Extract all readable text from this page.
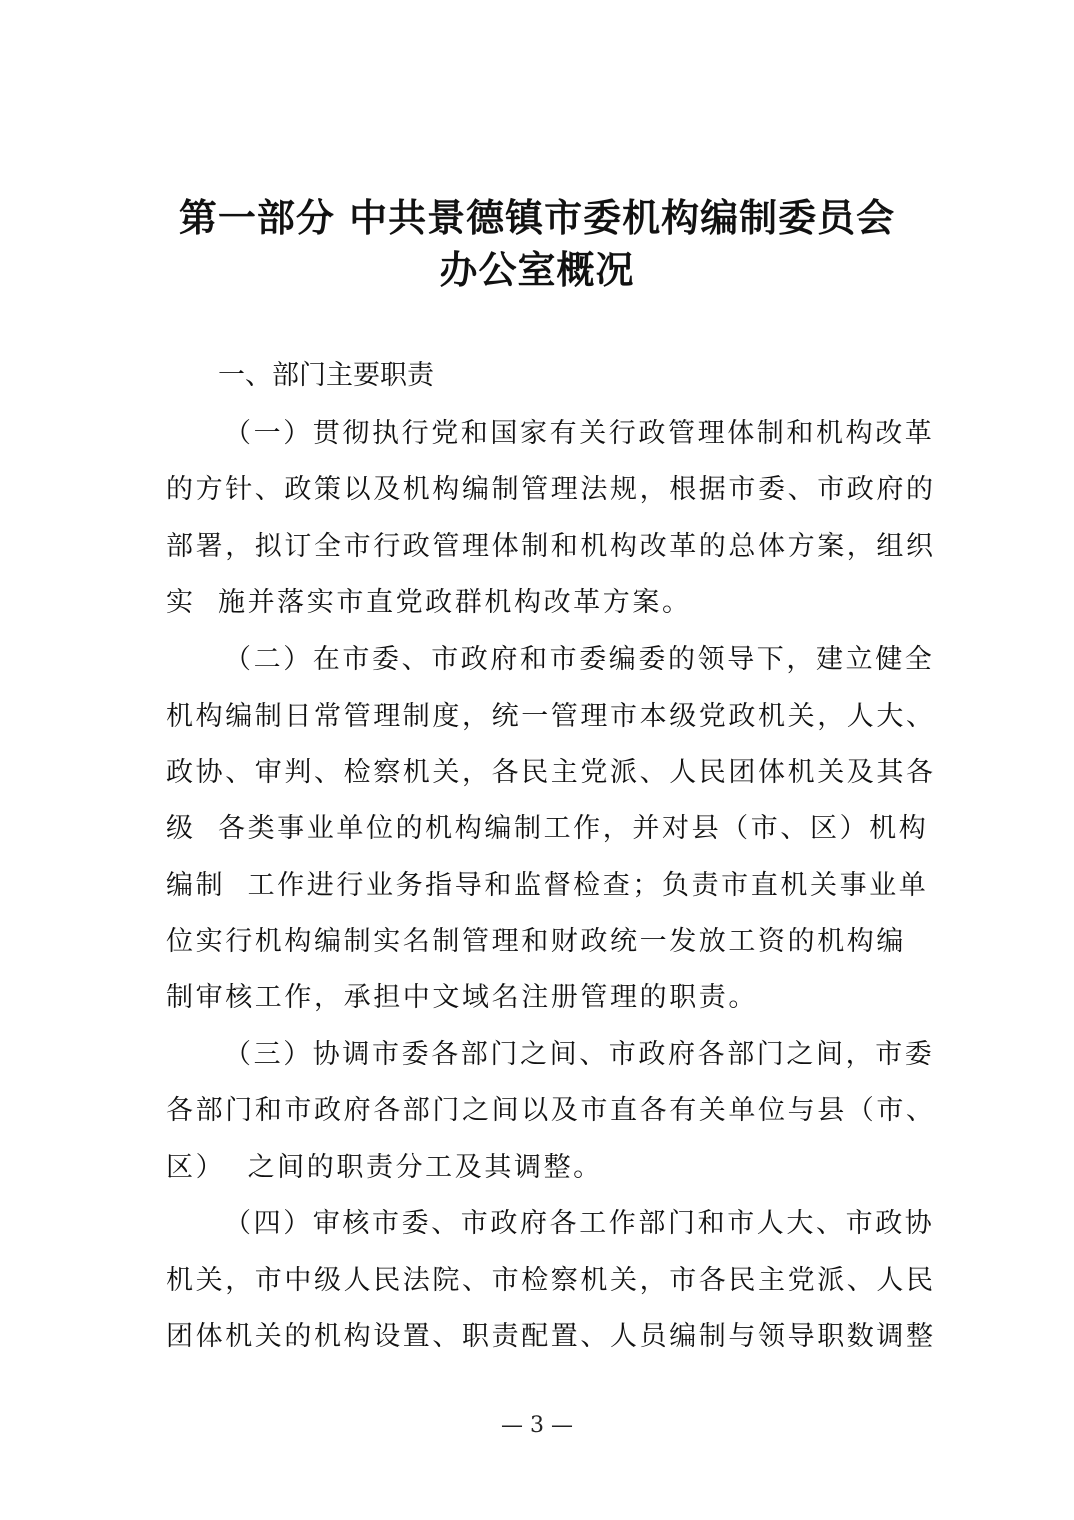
第一部分 中共景德镇市委机构编制委员会
办公室概况
一、部门主要职责
（一）贯彻执行党和国家有关行政管理体制和机构改革
的方针、政策以及机构编制管理法规，根据市委、市政府的
部署，拟订全市行政管理体制和机构改革的总体方案，组织
实  施并落实市直党政群机构改革方案。
（二）在市委、市政府和市委编委的领导下，建立健全
机构编制日常管理制度，统一管理市本级党政机关，人大、
政协、审判、检察机关，各民主党派、人民团体机关及其各
级  各类事业单位的机构编制工作，并对县（市、区）机构
编制  工作进行业务指导和监督检查；负责市直机关事业单
位实行机构编制实名制管理和财政统一发放工资的机构编
制审核工作，承担中文域名注册管理的职责。
（三）协调市委各部门之间、市政府各部门之间，市委
各部门和市政府各部门之间以及市直各有关单位与县（市、
区）  之间的职责分工及其调整。
（四）审核市委、市政府各工作部门和市人大、市政协
机关，市中级人民法院、市检察机关，市各民主党派、人民
团体机关的机构设置、职责配置、人员编制与领导职数调整
— 3 —
